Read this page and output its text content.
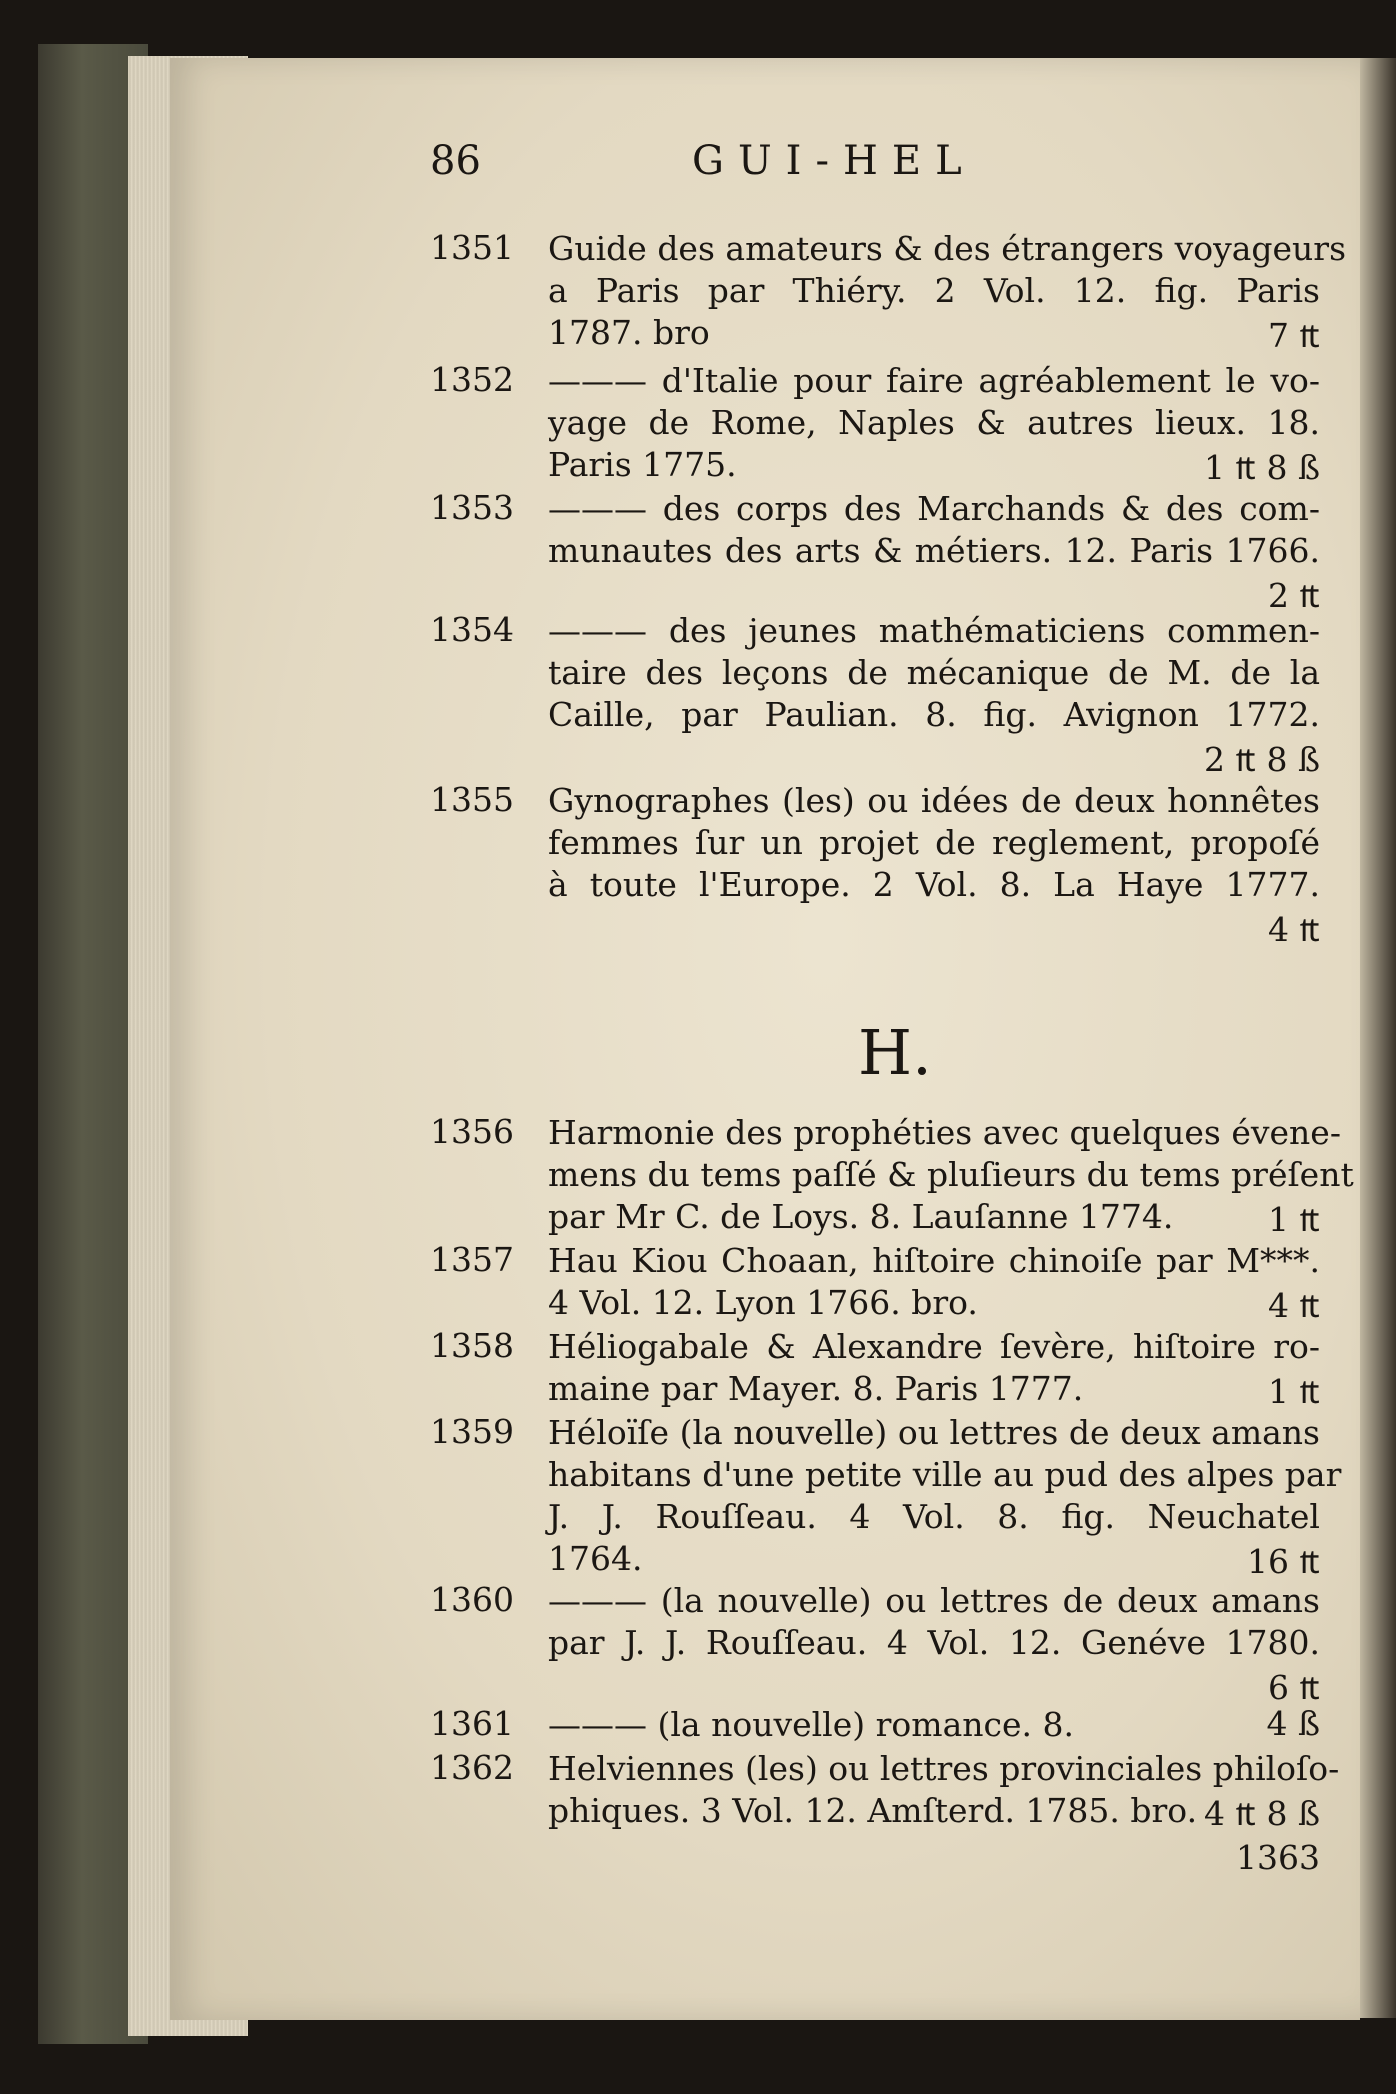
86	GUI-HEL
1351	Guide des amateurs & des étrangers voyageurs
a Paris par Thiéry. 2 Vol. 12. fig. Paris
1787. bro	7 ₶
1352	——— d'Italie pour faire agréablement le vo-
yage de Rome, Naples & autres lieux. 18.
Paris 1775.	1 ₶ 8 ß
1353	——— des corps des Marchands & des com-
munautes des arts & métiers. 12. Paris 1766.
2 ₶
1354	——— des jeunes mathématiciens commen-
taire des leçons de mécanique de M. de la
Caille, par Paulian. 8. fig. Avignon 1772.
2 ₶ 8 ß
1355	Gynographes (les) ou idées de deux honnêtes
femmes ſur un projet de reglement, propoſé
à toute l'Europe. 2 Vol. 8. La Haye 1777.
4 ₶
H.
1356	Harmonie des prophéties avec quelques évene-
mens du tems paſſé & pluſieurs du tems préſent
par Mr C. de Loys. 8. Lauſanne 1774.	1 ₶
1357	Hau Kiou Choaan, hiſtoire chinoiſe par M***.
4 Vol. 12. Lyon 1766. bro.	4 ₶
1358	Héliogabale & Alexandre ſevère, hiſtoire ro-
maine par Mayer. 8. Paris 1777.	1 ₶
1359	Héloïſe (la nouvelle) ou lettres de deux amans
habitans d'une petite ville au pud des alpes par
J. J. Rouſſeau. 4 Vol. 8. fig. Neuchatel
1764.	16 ₶
1360	——— (la nouvelle) ou lettres de deux amans
par J. J. Rouſſeau. 4 Vol. 12. Genéve 1780.
6 ₶
1361	——— (la nouvelle) romance. 8.	4 ß
1362	Helviennes (les) ou lettres provinciales philoſo-
phiques. 3 Vol. 12. Amſterd. 1785. bro. 4 ₶ 8 ß
1363
